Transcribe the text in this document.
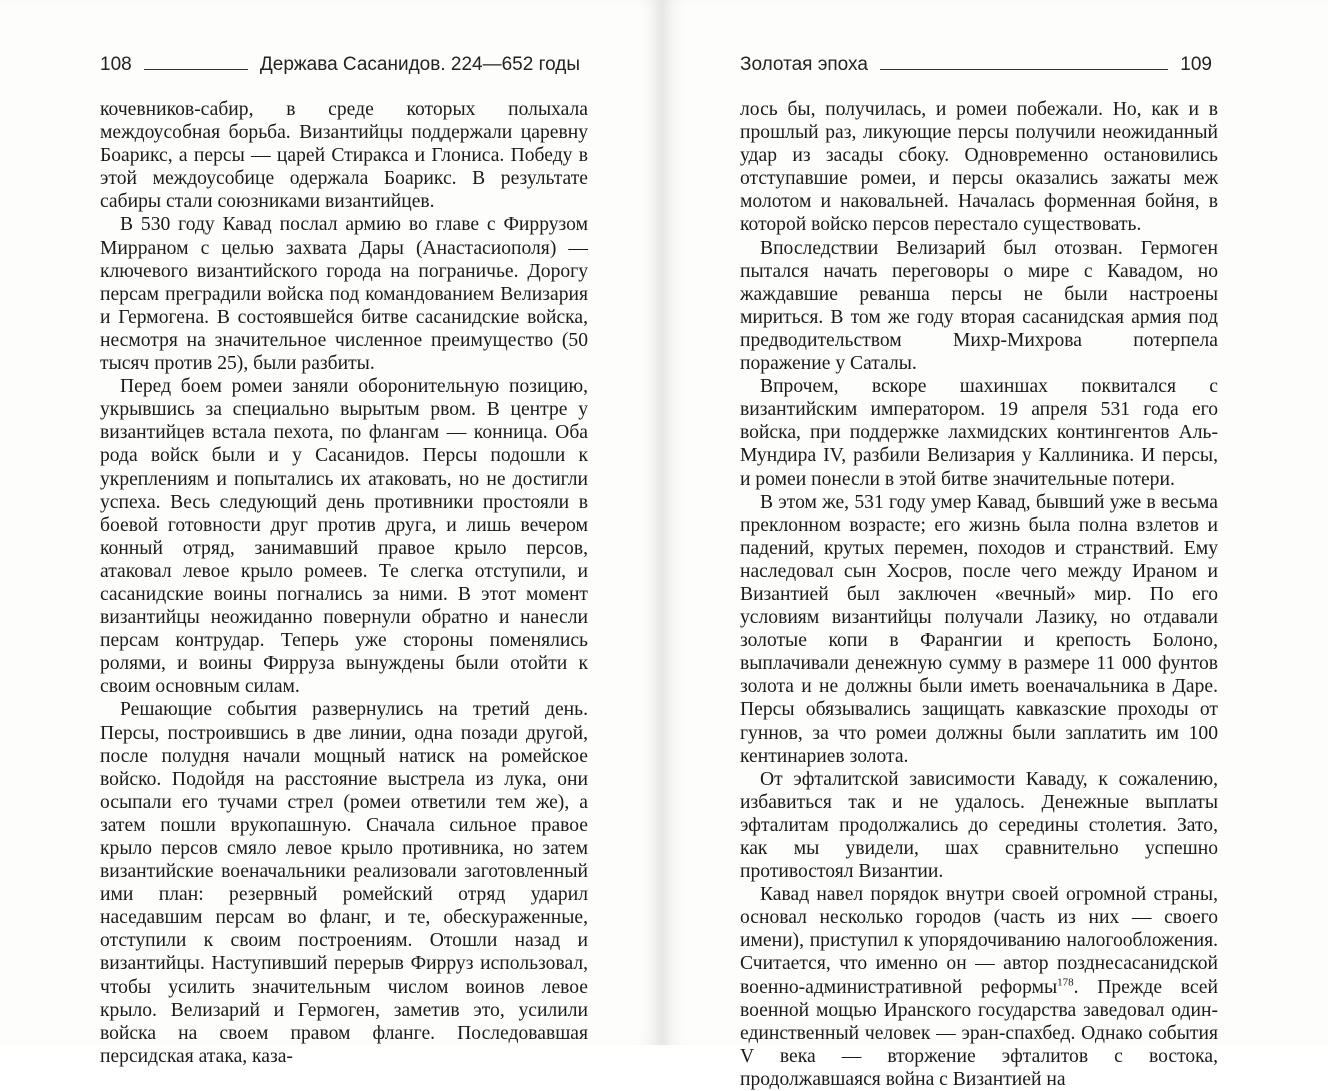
108	Держава Сасанидов. 224—652 годы

кочевников-сабир, в среде которых полыхала междоусобная борьба. Византийцы поддержали царевну Боарикс, а персы — царей Стиракса и Глониса. Победу в этой междоусобице одержала Боарикс. В результате сабиры стали союзниками византийцев.

В 530 году Кавад послал армию во главе с Фиррузом Мирраном с целью захвата Дары (Анастасиополя) — ключевого византийского города на пограничье. Дорогу персам преградили войска под командованием Велизария и Гермогена. В состоявшейся битве сасанидские войска, несмотря на значительное численное преимущество (50 тысяч против 25), были разбиты.

Перед боем ромеи заняли оборонительную позицию, укрывшись за специально вырытым рвом. В центре у византийцев встала пехота, по флангам — конница. Оба рода войск были и у Сасанидов. Персы подошли к укреплениям и попытались их атаковать, но не достигли успеха. Весь следующий день противники простояли в боевой готовности друг против друга, и лишь вечером конный отряд, занимавший правое крыло персов, атаковал левое крыло ромеев. Те слегка отступили, и сасанидские воины погнались за ними. В этот момент византийцы неожиданно повернули обратно и нанесли персам контрудар. Теперь уже стороны поменялись ролями, и воины Фирруза вынуждены были отойти к своим основным силам.

Решающие события развернулись на третий день. Персы, построившись в две линии, одна позади другой, после полудня начали мощный натиск на ромейское войско. Подойдя на расстояние выстрела из лука, они осыпали его тучами стрел (ромеи ответили тем же), а затем пошли врукопашную. Сначала сильное правое крыло персов смяло левое крыло противника, но затем византийские военачальники реализовали заготовленный ими план: резервный ромейский отряд ударил наседавшим персам во фланг, и те, обескураженные, отступили к своим построениям. Отошли назад и византийцы. Наступивший перерыв Фирруз использовал, чтобы усилить значительным числом воинов левое крыло. Велизарий и Гермоген, заметив это, усилили войска на своем правом фланге. Последовавшая персидская атака, каза-

Золотая эпоха	109

лось бы, получилась, и ромеи побежали. Но, как и в прошлый раз, ликующие персы получили неожиданный удар из засады сбоку. Одновременно остановились отступавшие ромеи, и персы оказались зажаты меж молотом и наковальней. Началась форменная бойня, в которой войско персов перестало существовать.

Впоследствии Велизарий был отозван. Гермоген пытался начать переговоры о мире с Кавадом, но жаждавшие реванша персы не были настроены мириться. В том же году вторая сасанидская армия под предводительством Михр-Михрова потерпела поражение у Саталы.

Впрочем, вскоре шахиншах поквитался с византийским императором. 19 апреля 531 года его войска, при поддержке лахмидских контингентов Аль-Мундира IV, разбили Велизария у Каллиника. И персы, и ромеи понесли в этой битве значительные потери.

В этом же, 531 году умер Кавад, бывший уже в весьма преклонном возрасте; его жизнь была полна взлетов и падений, крутых перемен, походов и странствий. Ему наследовал сын Хосров, после чего между Ираном и Византией был заключен «вечный» мир. По его условиям византийцы получали Лазику, но отдавали золотые копи в Фарангии и крепость Болоно, выплачивали денежную сумму в размере 11 000 фунтов золота и не должны были иметь военачальника в Даре. Персы обязывались защищать кавказские проходы от гуннов, за что ромеи должны были заплатить им 100 кентинариев золота.

От эфталитской зависимости Каваду, к сожалению, избавиться так и не удалось. Денежные выплаты эфталитам продолжались до середины столетия. Зато, как мы увидели, шах сравнительно успешно противостоял Византии.

Кавад навел порядок внутри своей огромной страны, основал несколько городов (часть из них — своего имени), приступил к упорядочиванию налогообложения. Считается, что именно он — автор позднесасанидской военно-административной реформы$^{178}$. Прежде всей военной мощью Иранского государства заведовал один-единственный человек — эран-спахбед. Однако события V века — вторжение эфталитов с востока, продолжавшаяся война с Византией на
